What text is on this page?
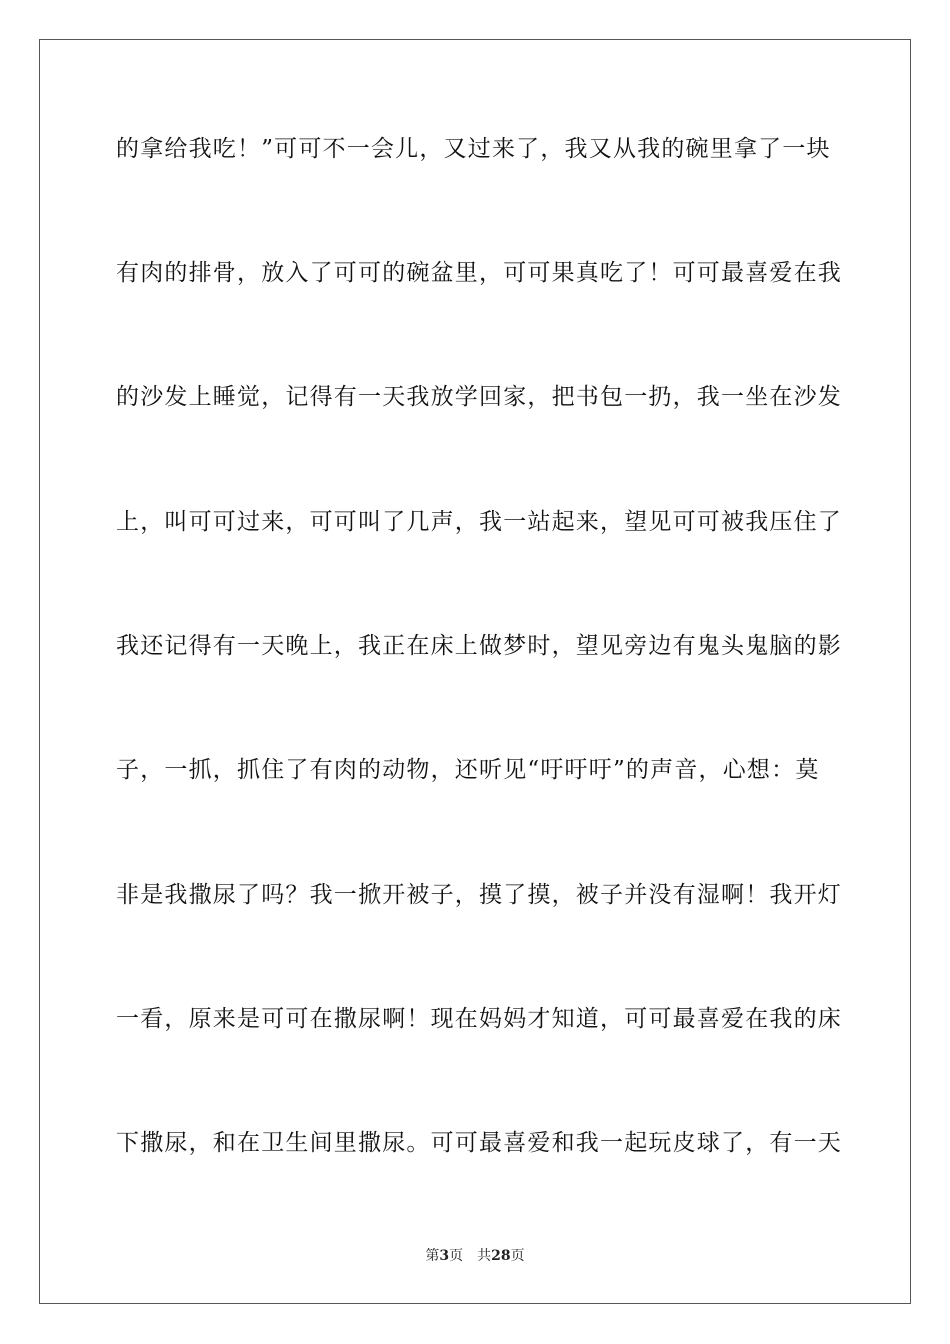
的拿给我吃！”可可不一会儿，又过来了，我又从我的碗里拿了一块
有肉的排骨，放入了可可的碗盆里，可可果真吃了！可可最喜爱在我
的沙发上睡觉，记得有一天我放学回家，把书包一扔，我一坐在沙发
上，叫可可过来，可可叫了几声，我一站起来，望见可可被我压住了
我还记得有一天晚上，我正在床上做梦时，望见旁边有鬼头鬼脑的影
子，一抓，抓住了有肉的动物，还听见“吁吁吁”的声音，心想：莫
非是我撒尿了吗？我一掀开被子，摸了摸，被子并没有湿啊！我开灯
一看，原来是可可在撒尿啊！现在妈妈才知道，可可最喜爱在我的床
下撒尿，和在卫生间里撒尿。可可最喜爱和我一起玩皮球了，有一天
第3页 共28页
